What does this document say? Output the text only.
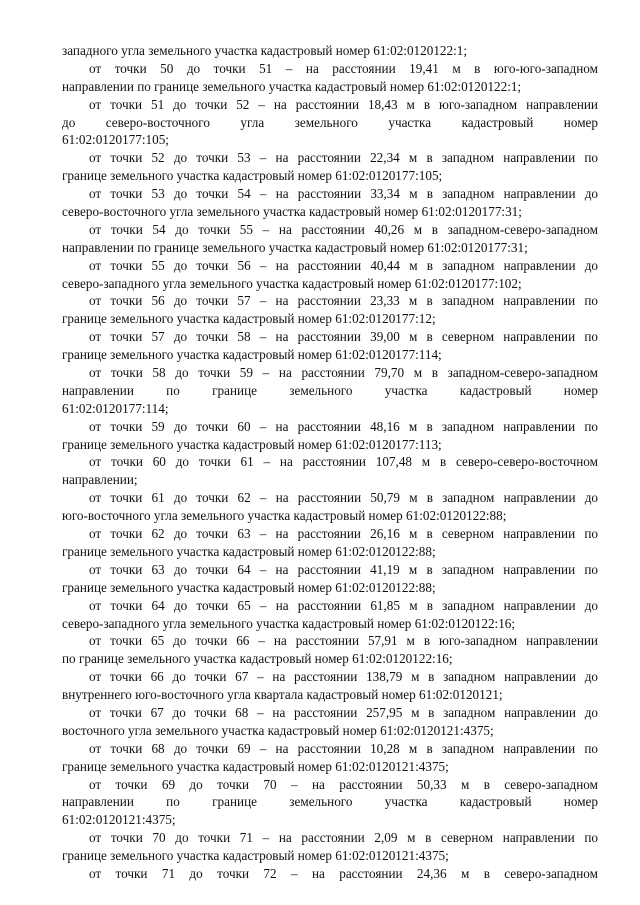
западного угла земельного участка кадастровый номер 61:02:0120122:1;
от точки 50 до точки 51 – на расстоянии 19,41 м в юго-юго-западном
направлении по границе земельного участка кадастровый номер 61:02:0120122:1;
от точки 51 до точки 52 – на расстоянии 18,43 м в юго-западном направлении
до северо-восточного угла земельного участка кадастровый номер
61:02:0120177:105;
от точки 52 до точки 53 – на расстоянии 22,34 м в западном направлении по
границе земельного участка кадастровый номер 61:02:0120177:105;
от точки 53 до точки 54 – на расстоянии 33,34 м в западном направлении до
северо-восточного угла земельного участка кадастровый номер 61:02:0120177:31;
от точки 54 до точки 55 – на расстоянии 40,26 м в западном-северо-западном
направлении по границе земельного участка кадастровый номер 61:02:0120177:31;
от точки 55 до точки 56 – на расстоянии 40,44 м в западном направлении до
северо-западного угла земельного участка кадастровый номер 61:02:0120177:102;
от точки 56 до точки 57 – на расстоянии 23,33 м в западном направлении по
границе земельного участка кадастровый номер 61:02:0120177:12;
от точки 57 до точки 58 – на расстоянии 39,00 м в северном направлении по
границе земельного участка кадастровый номер 61:02:0120177:114;
от точки 58 до точки 59 – на расстоянии 79,70 м в западном-северо-западном
направлении по границе земельного участка кадастровый номер
61:02:0120177:114;
от точки 59 до точки 60 – на расстоянии 48,16 м в западном направлении по
границе земельного участка кадастровый номер 61:02:0120177:113;
от точки 60 до точки 61 – на расстоянии 107,48 м в северо-северо-восточном
направлении;
от точки 61 до точки 62 – на расстоянии 50,79 м в западном направлении до
юго-восточного угла земельного участка кадастровый номер 61:02:0120122:88;
от точки 62 до точки 63 – на расстоянии 26,16 м в северном направлении по
границе земельного участка кадастровый номер 61:02:0120122:88;
от точки 63 до точки 64 – на расстоянии 41,19 м в западном направлении по
границе земельного участка кадастровый номер 61:02:0120122:88;
от точки 64 до точки 65 – на расстоянии 61,85 м в западном направлении до
северо-западного угла земельного участка кадастровый номер 61:02:0120122:16;
от точки 65 до точки 66 – на расстоянии 57,91 м в юго-западном направлении
по границе земельного участка кадастровый номер 61:02:0120122:16;
от точки 66 до точки 67 – на расстоянии 138,79 м в западном направлении до
внутреннего юго-восточного угла квартала кадастровый номер 61:02:0120121;
от точки 67 до точки 68 – на расстоянии 257,95 м в западном направлении до
восточного угла земельного участка кадастровый номер 61:02:0120121:4375;
от точки 68 до точки 69 – на расстоянии 10,28 м в западном направлении по
границе земельного участка кадастровый номер 61:02:0120121:4375;
от точки 69 до точки 70 – на расстоянии 50,33 м в северо-западном
направлении по границе земельного участка кадастровый номер
61:02:0120121:4375;
от точки 70 до точки 71 – на расстоянии 2,09 м в северном направлении по
границе земельного участка кадастровый номер 61:02:0120121:4375;
от точки 71 до точки 72 – на расстоянии 24,36 м в северо-западном
